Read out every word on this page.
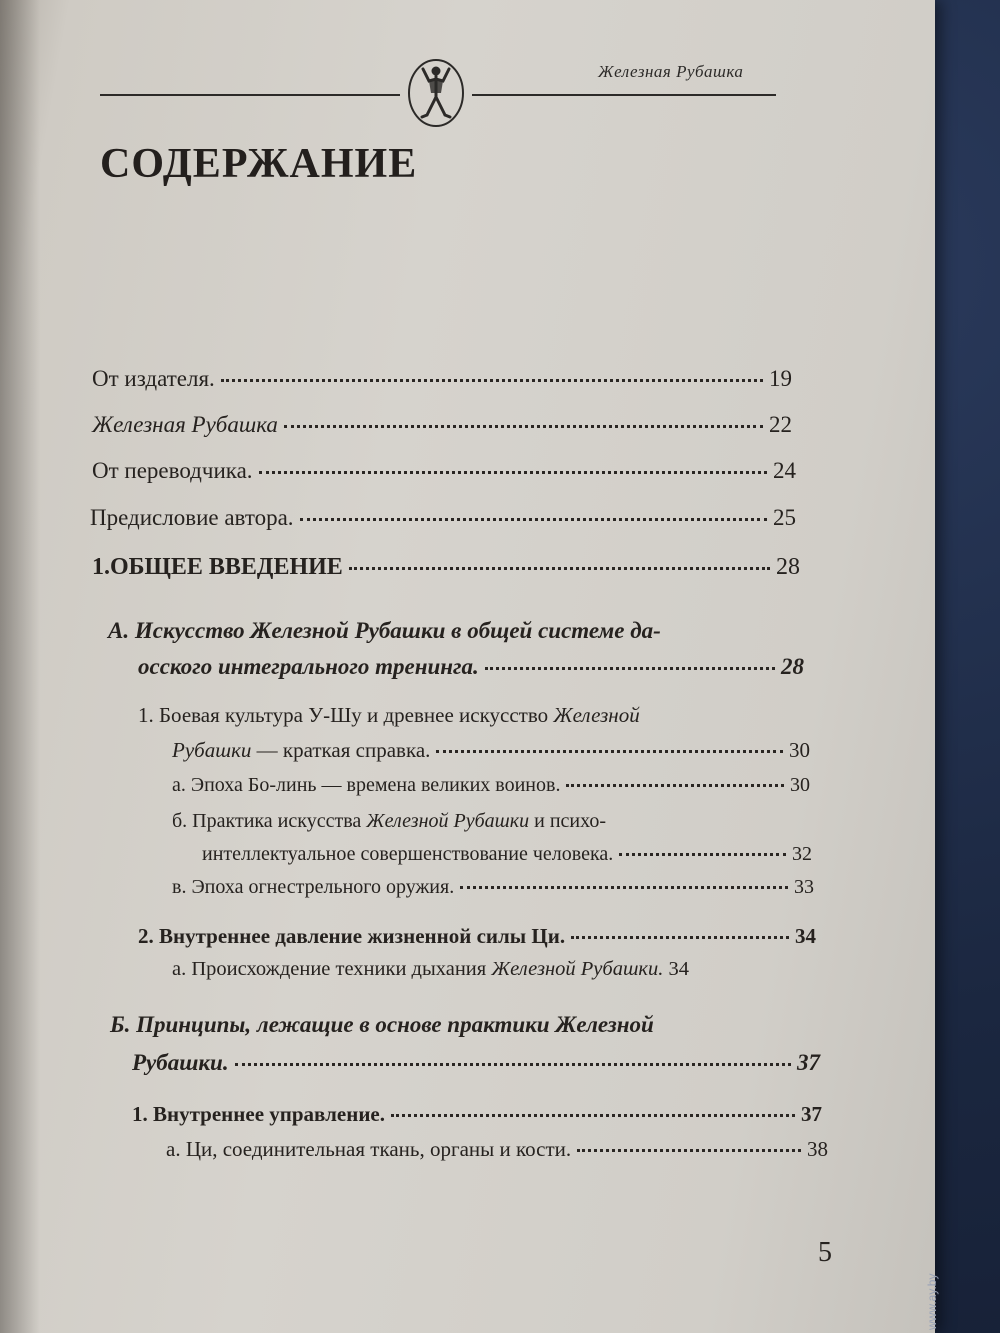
Железная Рубашка
СОДЕРЖАНИЕ
От издателя.	19
Железная Рубашка	22
От переводчика.	24
Предисловие автора.	25
1.ОБЩЕЕ ВВЕДЕНИЕ	28
А. Искусство Железной Рубашки в общей системе да-
осского интегрального тренинга.	28
1. Боевая культура У-Шу и древнее искусство Железной
Рубашки — краткая справка.	30
а. Эпоха Бо-линь — времена великих воинов.	30
б. Практика искусства Железной Рубашки и психо-
интеллектуальное совершенствование человека.	32
в. Эпоха огнестрельного оружия.	33
2. Внутреннее давление жизненной силы Ци.	34
а. Происхождение техники дыхания Железной Рубашки. 34
Б. Принципы, лежащие в основе практики Железной
Рубашки.	37
1. Внутреннее управление.	37
а. Ци, соединительная ткань, органы и кости.	38
5
www.ay.by
